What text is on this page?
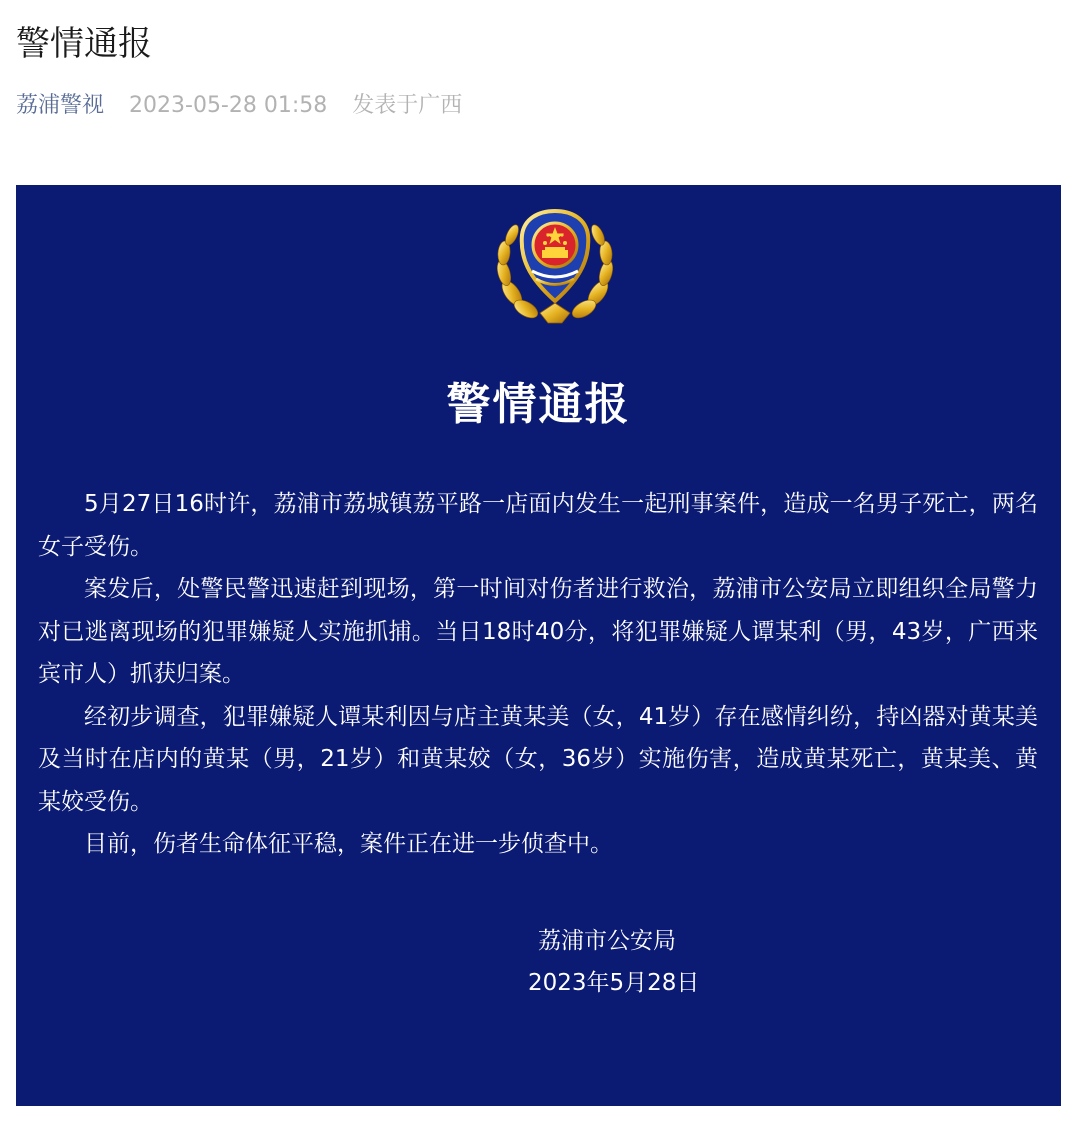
警情通报
荔浦警视 2023-05-28 01:58 发表于广西
警情通报

5月27日16时许，荔浦市荔城镇荔平路一店面内发生一起刑事案件，造成一名男子死亡，两名女子受伤。

案发后，处警民警迅速赶到现场，第一时间对伤者进行救治，荔浦市公安局立即组织全局警力对已逃离现场的犯罪嫌疑人实施抓捕。当日18时40分，将犯罪嫌疑人谭某利（男，43岁，广西来宾市人）抓获归案。

经初步调查，犯罪嫌疑人谭某利因与店主黄某美（女，41岁）存在感情纠纷，持凶器对黄某美及当时在店内的黄某（男，21岁）和黄某姣（女，36岁）实施伤害，造成黄某死亡，黄某美、黄某姣受伤。

目前，伤者生命体征平稳，案件正在进一步侦查中。

荔浦市公安局
2023年5月28日
